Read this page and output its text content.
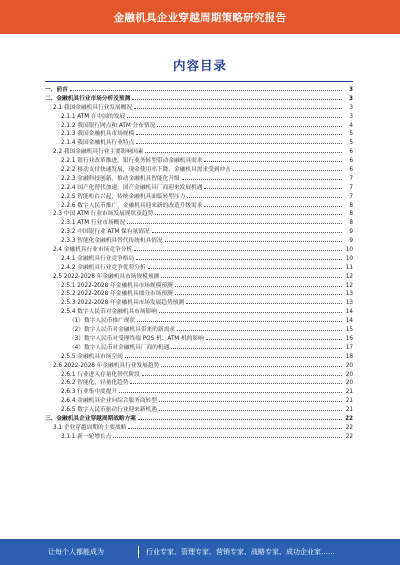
金融机具企业穿越周期策略研究报告
内容目录
一、前言	3
二、金融机具行业市场分析及预测	3
2.1 我国金融机具行业发展概况	3
2.1.1 ATM 在中国的发展	3
2.1.2 我国银行网点和 ATM 分布情况	4
2.1.3 我国金融机具市场规模	5
2.1.4 我国金融机具行业特点	5
2.2 我国金融机具行业主要影响因素	6
2.2.1 银行业改革推进，银行业务转型带动金融机具需求	6
2.2.2 移动支付快速发展，现金使用率下降，金融机具需求受到冲击	6
2.2.3 金融科技创新，推动金融机具智能化升级	7
2.2.4 国产化替代加速，国产金融机具厂商迎来发展机遇	7
2.2.5 智能柜台兴起，传统金融机具面临转型压力	7
2.2.6 数字人民币推广，金融机具迎来新的改造升级需求	8
2.3 中国 ATM 行业市场发展现状及趋势	8
2.3.1 ATM 行业市场概况	8
2.3.2 中国银行业 ATM 保有量情况	9
2.3.3 智能化金融机具替代传统机具情况	9
2.4 金融机具行业市场竞争分析	10
2.4.1 金融机具行业竞争格局	10
2.4.2 金融机具行业竞争优势分析	11
2.5 2022-2028 年金融机具市场规模预测	12
2.5.1 2022-2028 年金融机具市场规模预测	12
2.5.2 2022-2028 年金融机具细分市场预测	13
2.5.3 2022-2028 年金融机具市场发展趋势预测	13
2.5.4 数字人民币对金融机具市场影响	14
（1）数字人民币推广现状	14
（2）数字人民币对金融机具带来的新需求	15
（3）数字人民币对受理终端 POS 机、ATM 机的影响	16
（4）数字人民币对金融机具厂商的机遇	17
2.5.5 金融机具市场空间	18
2.6 2022-2028 年金融机具行业发展趋势	20
2.6.1 行业进入存量化替代阶段	20
2.6.2 智能化、轻量化趋势	20
2.6.3 行业集中度提升	21
2.6.4 金融机具企业向综合服务商转型	21
2.6.5 数字人民币驱动行业迎来新机遇	21
三、金融机具企业穿越周期战略方案	22
3.1 企业穿越周期的主要战略	22
3.1.1 新一轮增长点	22
让每个人都能成为	行业专家、管理专家、营销专家、战略专家、成功企业家……
